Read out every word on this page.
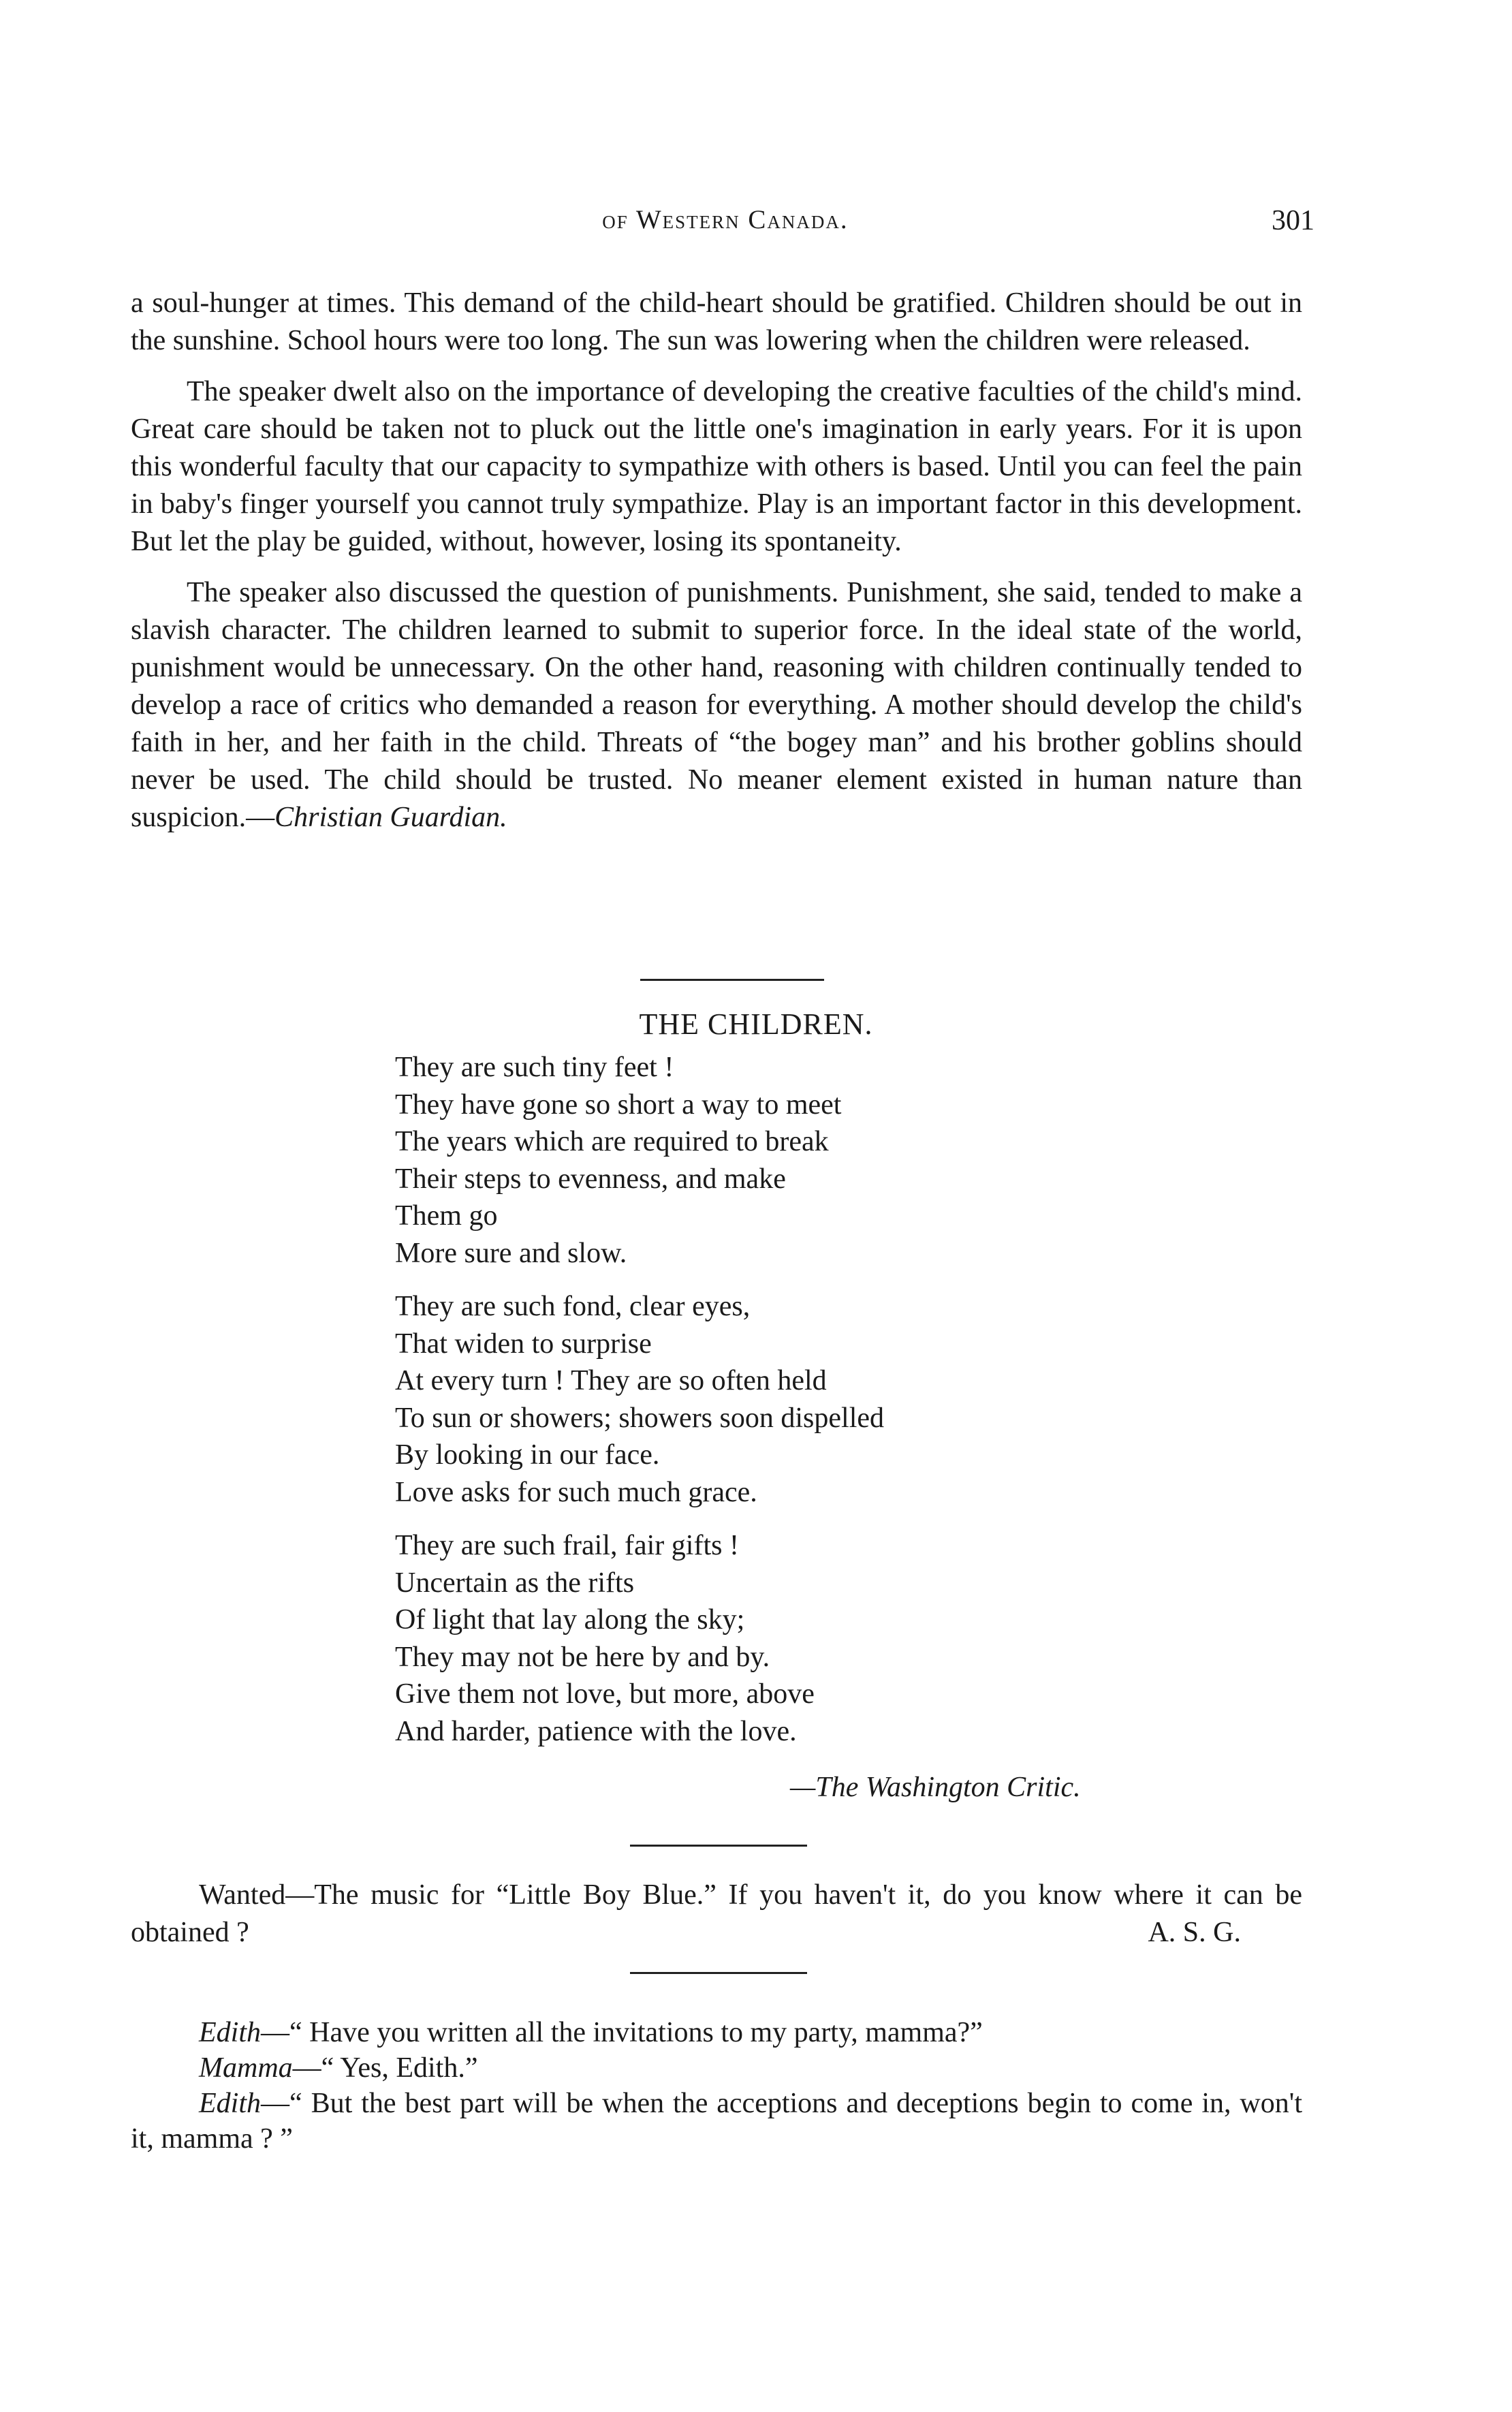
of Western Canada.	301

a soul-hunger at times. This demand of the child-heart should be gratified. Children should be out in the sunshine. School hours were too long. The sun was lowering when the children were released.

The speaker dwelt also on the importance of developing the creative faculties of the child's mind. Great care should be taken not to pluck out the little one's imagination in early years. For it is upon this wonderful faculty that our capacity to sympathize with others is based. Until you can feel the pain in baby's finger yourself you cannot truly sympathize. Play is an important factor in this development. But let the play be guided, without, however, losing its spontaneity.

The speaker also discussed the question of punishments. Punishment, she said, tended to make a slavish character. The children learned to submit to superior force. In the ideal state of the world, punishment would be unnecessary. On the other hand, reasoning with children continually tended to develop a race of critics who demanded a reason for everything. A mother should develop the child's faith in her, and her faith in the child. Threats of “the bogey man” and his brother goblins should never be used. The child should be trusted. No meaner element existed in human nature than suspicion.—Christian Guardian.

THE CHILDREN.
They are such tiny feet !
They have gone so short a way to meet
The years which are required to break
Their steps to evenness, and make
Them go
More sure and slow.
They are such fond, clear eyes,
That widen to surprise
At every turn ! They are so often held
To sun or showers; showers soon dispelled
By looking in our face.
Love asks for such much grace.
They are such frail, fair gifts !
Uncertain as the rifts
Of light that lay along the sky;
They may not be here by and by.
Give them not love, but more, above
And harder, patience with the love.
—The Washington Critic.
Wanted—The music for “Little Boy Blue.” If you haven't it, do you know where it can be obtained ?	A. S. G.
Edith—“ Have you written all the invitations to my party, mamma?”
Mamma—“ Yes, Edith.”
Edith—“ But the best part will be when the acceptions and deceptions begin to come in, won't it, mamma ? ”
